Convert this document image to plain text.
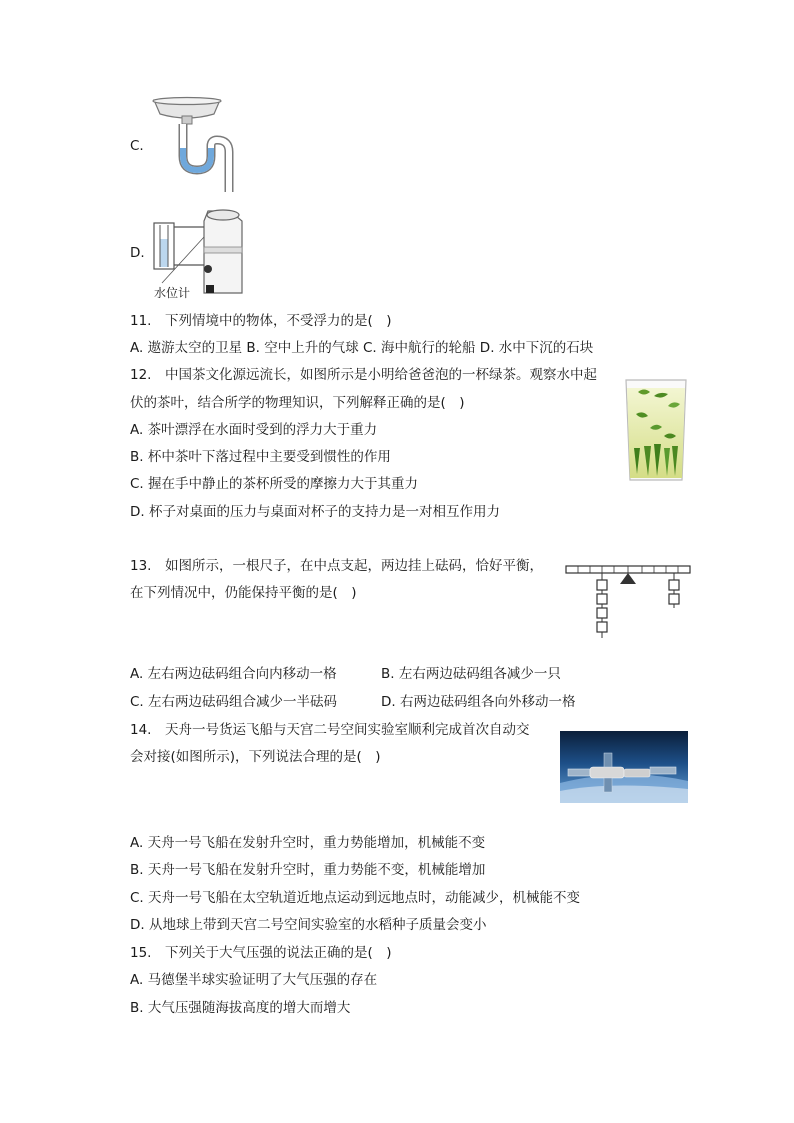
C.
D.
水位计
11.　下列情境中的物体，不受浮力的是(　)
A. 遨游太空的卫星 B. 空中上升的气球 C. 海中航行的轮船 D. 水中下沉的石块
12.　中国茶文化源远流长，如图所示是小明给爸爸泡的一杯绿茶。观察水中起
伏的茶叶，结合所学的物理知识，下列解释正确的是(　)
A. 茶叶漂浮在水面时受到的浮力大于重力
B. 杯中茶叶下落过程中主要受到惯性的作用
C. 握在手中静止的茶杯所受的摩擦力大于其重力
D. 杯子对桌面的压力与桌面对杯子的支持力是一对相互作用力
13.　如图所示，一根尺子，在中点支起，两边挂上砝码，恰好平衡，
在下列情况中，仍能保持平衡的是(　)
A. 左右两边砝码组合向内移动一格	B. 左右两边砝码组各减少一只
C. 左右两边砝码组合减少一半砝码	D. 右两边砝码组各向外移动一格
14.　天舟一号货运飞船与天宫二号空间实验室顺利完成首次自动交
会对接(如图所示)，下列说法合理的是(　)
A. 天舟一号飞船在发射升空时，重力势能增加，机械能不变
B. 天舟一号飞船在发射升空时，重力势能不变，机械能增加
C. 天舟一号飞船在太空轨道近地点运动到远地点时，动能减少，机械能不变
D. 从地球上带到天宫二号空间实验室的水稻种子质量会变小
15.　下列关于大气压强的说法正确的是(　)
A. 马德堡半球实验证明了大气压强的存在
B. 大气压强随海拔高度的增大而增大
